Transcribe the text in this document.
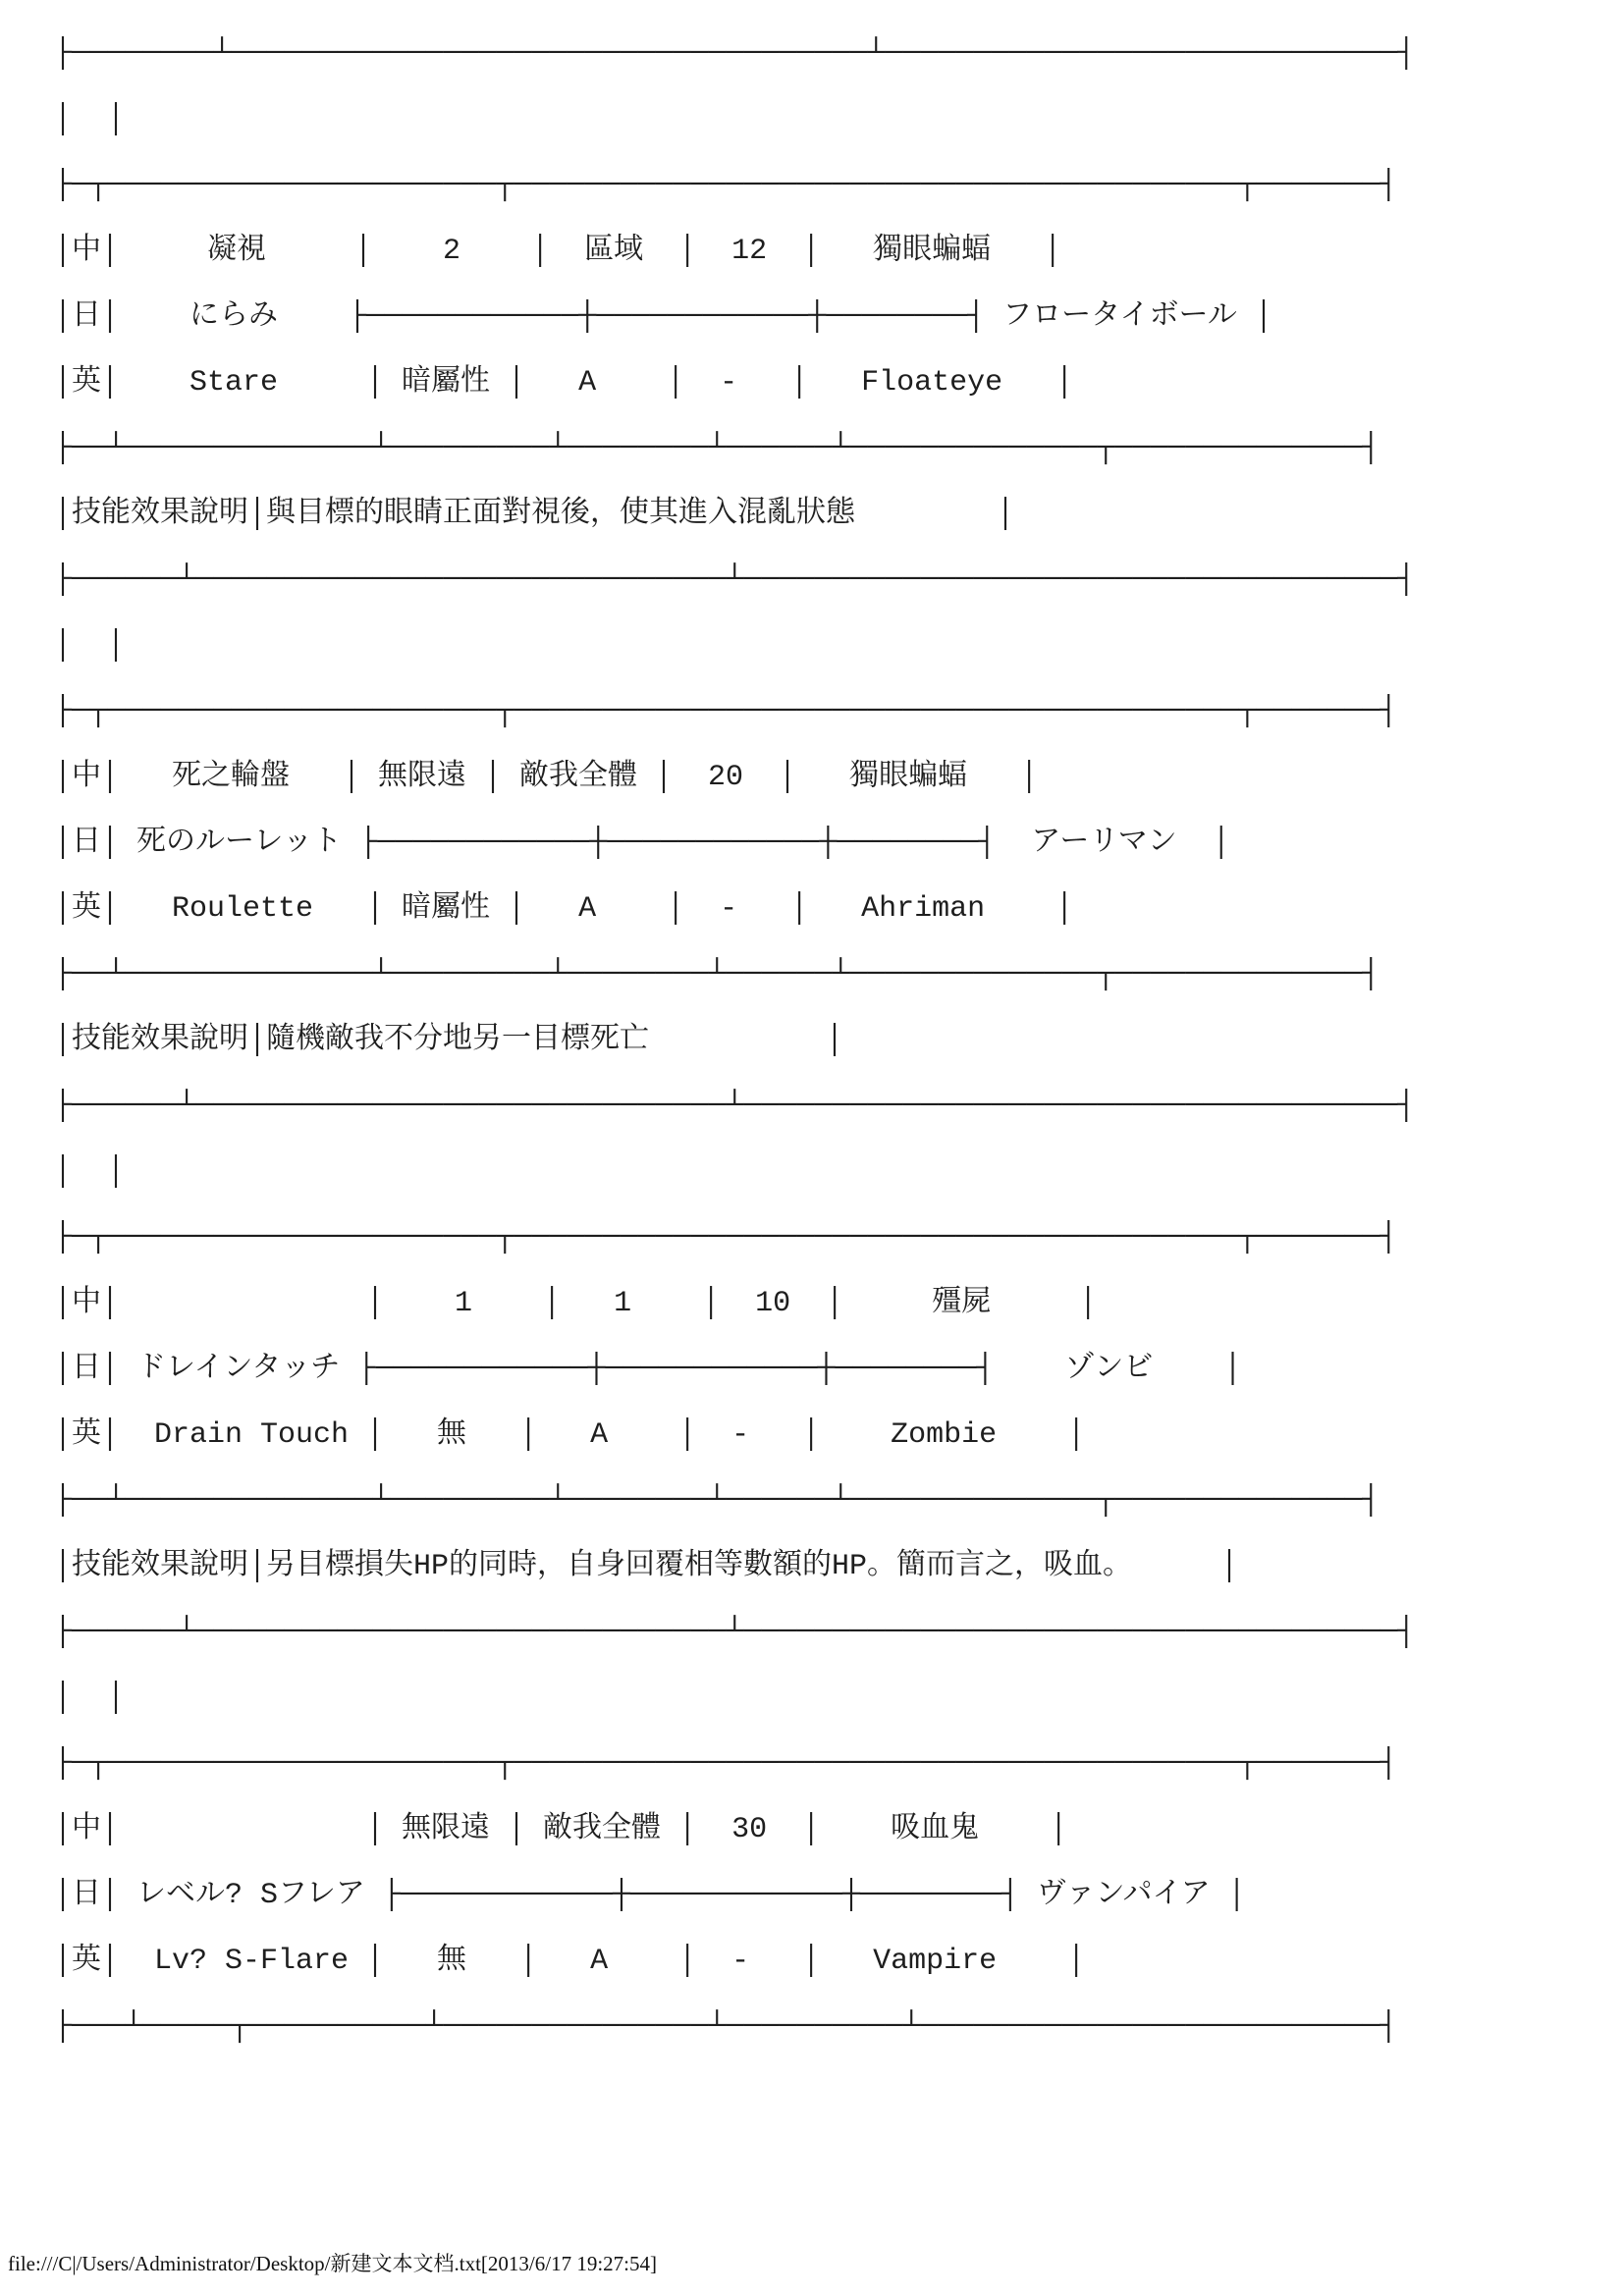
├────────┴────────────────────────────────────┴─────────────────────────────┤
│  │
├─┬──────────────────────┬─────────────────────────────────────────┬───────┤
│中│     凝視     │    2    │  區域  │  12  │   獨眼蝙蝠   │
│日│    にらみ    ├────────────┼────────────┼────────┤ フロータイボール │
│英│    Stare     │ 暗屬性 │   A    │  -   │   Floateye   │
├──┴──────────────┴─────────┴────────┴──────┴──────────────┬──────────────┤
│技能效果說明│與目標的眼睛正面對視後，使其進入混亂狀態        │
├──────┴──────────────────────────────┴─────────────────────────────────────┤
│  │
├─┬──────────────────────┬─────────────────────────────────────────┬───────┤
│中│   死之輪盤   │ 無限遠 │ 敵我全體 │  20  │   獨眼蝙蝠   │
│日│ 死のルーレット ├────────────┼────────────┼────────┤  アーリマン  │
│英│   Roulette   │ 暗屬性 │   A    │  -   │   Ahriman    │
├──┴──────────────┴─────────┴────────┴──────┴──────────────┬──────────────┤
│技能效果說明│隨機敵我不分地另一目標死亡          │
├──────┴──────────────────────────────┴─────────────────────────────────────┤
│  │
├─┬──────────────────────┬─────────────────────────────────────────┬───────┤
│中│              │    1    │   1    │  10  │     殭屍     │
│日│ ドレインタッチ ├────────────┼────────────┼────────┤    ゾンビ    │
│英│  Drain Touch │   無   │   A    │  -   │    Zombie    │
├──┴──────────────┴─────────┴────────┴──────┴──────────────┬──────────────┤
│技能效果說明│另目標損失HP的同時，自身回覆相等數額的HP。簡而言之，吸血。     │
├──────┴──────────────────────────────┴─────────────────────────────────────┤
│  │
├─┬──────────────────────┬─────────────────────────────────────────┬───────┤
│中│              │ 無限遠 │ 敵我全體 │  30  │    吸血鬼    │
│日│ レベル? Sフレア ├────────────┼────────────┼────────┤ ヴァンパイア │
│英│  Lv? S-Flare │   無   │   A    │  -   │   Vampire    │
├───┴─────┬──────────┴───────────────┴──────────┴──────────────────────────┤
file:///C|/Users/Administrator/Desktop/新建文本文档.txt[2013/6/17 19:27:54]
